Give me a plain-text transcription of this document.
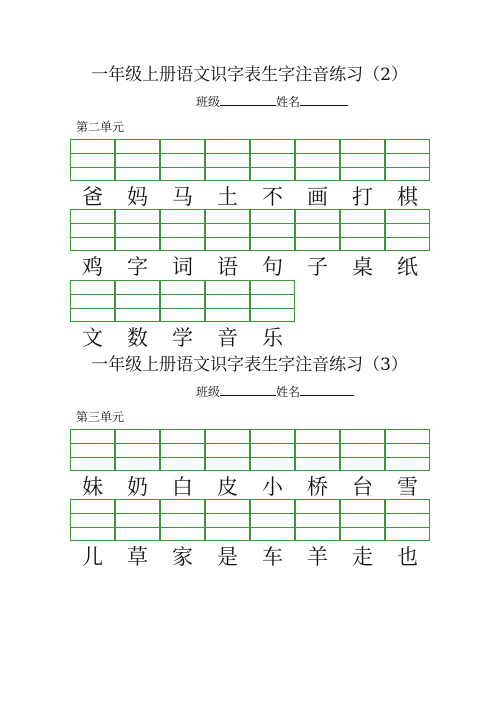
一年级上册语文识字表生字注音练习（2）
班级	姓名
第二单元
一年级上册语文识字表生字注音练习（3）
班级	姓名
第三单元
爸	妈	马	土	不	画	打	棋
鸡	字	词	语	句	子	桌	纸
文	数	学	音	乐
妹	奶	白	皮	小	桥	台	雪
儿	草	家	是	车	羊	走	也
